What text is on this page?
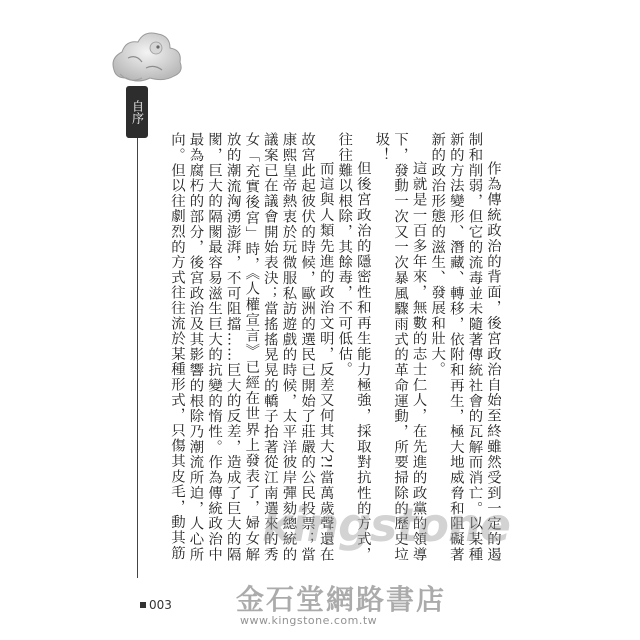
自序

作為傳統政治的背面，後宮政治自始至終雖然受到一定的遏制和削弱，但它的流毒並未隨著傳統社會的瓦解而消亡。以某種新的方法變形、潛藏、轉移，依附和再生，極大地威脅和阻礙著新的政治形態的滋生、發展和壯大。

這就是一百多年來，無數的志士仁人，在先進的政黨的領導下，發動一次又一次暴風驟雨式的革命運動，所要掃除的歷史垃圾！

但後宮政治的隱密性和再生能力極強，採取對抗性的方式，往往難以根除，其餘毒，不可低估。

而這與人類先進的政治文明，反差又何其大?!當萬歲聲還在故宮此起彼伏的時候，歐洲的選民已開始了莊嚴的公民投票；當康熙皇帝熱衷於玩微服私訪遊戲的時候，太平洋彼岸彈劾總統的議案已在議會開始表決；當搖搖晃晃的轎子抬著從江南選來的秀女「充實後宮」時，《人權宣言》已經在世界上發表了，婦女解放的潮流洶湧澎湃，不可阻擋……巨大的反差，造成了巨大的隔閡，巨大的隔閡最容易滋生巨大的抗變的惰性。作為傳統政治中最為腐朽的部分，後宮政治及其影響的根除乃潮流所迫，人心所向。但以往劇烈的方式往往流於某種形式，只傷其皮毛，動其筋

003
kingstone
金石堂網路書店
www.kingstone.com.tw
